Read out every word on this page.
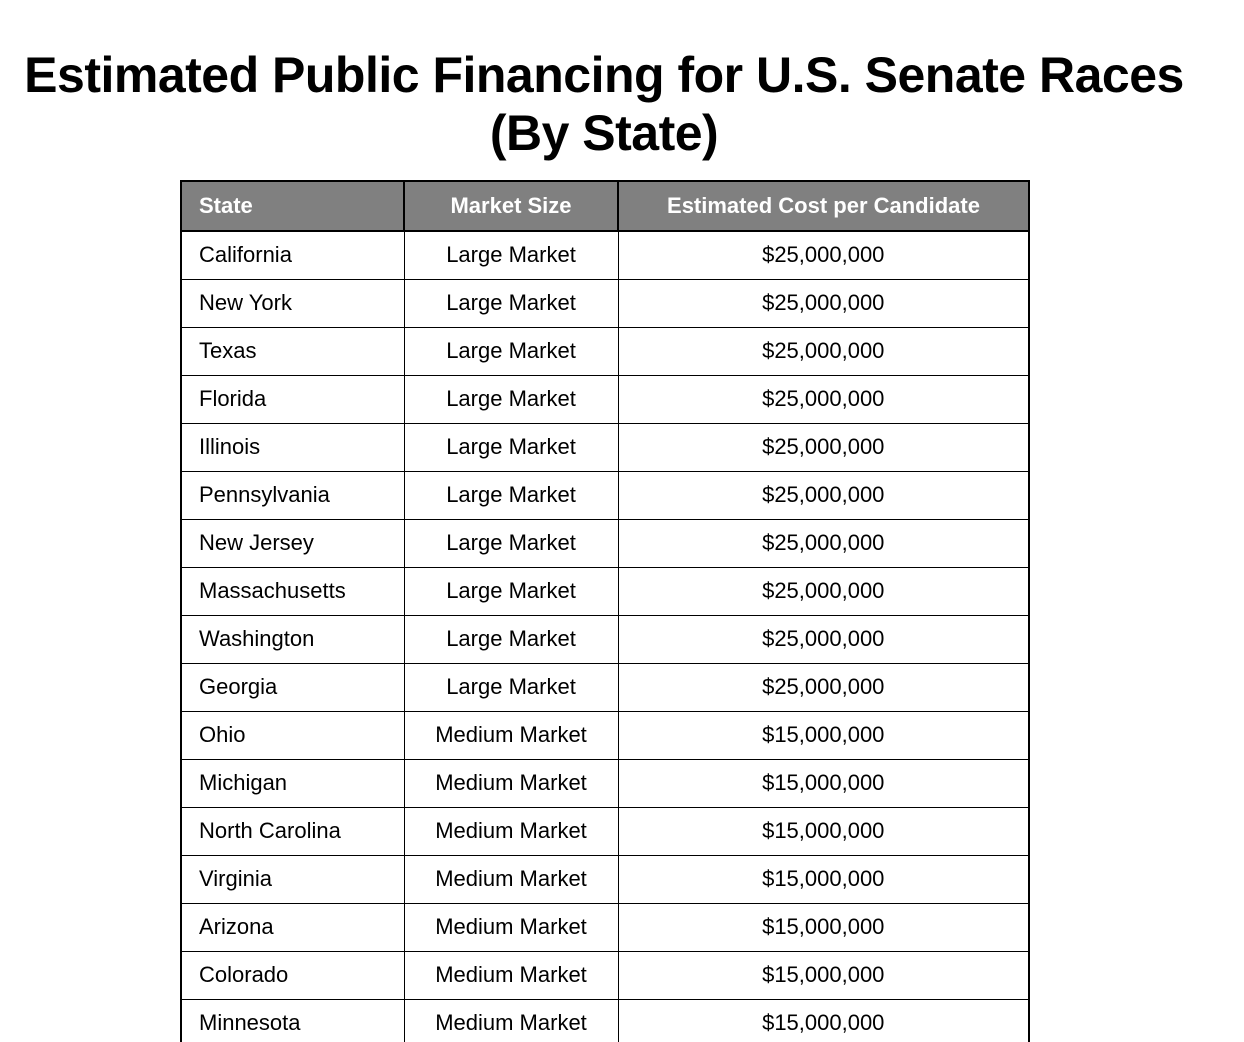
Estimated Public Financing for U.S. Senate Races
(By State)
State	Market Size	Estimated Cost per Candidate
California	Large Market	$25,000,000
New York	Large Market	$25,000,000
Texas	Large Market	$25,000,000
Florida	Large Market	$25,000,000
Illinois	Large Market	$25,000,000
Pennsylvania	Large Market	$25,000,000
New Jersey	Large Market	$25,000,000
Massachusetts	Large Market	$25,000,000
Washington	Large Market	$25,000,000
Georgia	Large Market	$25,000,000
Ohio	Medium Market	$15,000,000
Michigan	Medium Market	$15,000,000
North Carolina	Medium Market	$15,000,000
Virginia	Medium Market	$15,000,000
Arizona	Medium Market	$15,000,000
Colorado	Medium Market	$15,000,000
Minnesota	Medium Market	$15,000,000
